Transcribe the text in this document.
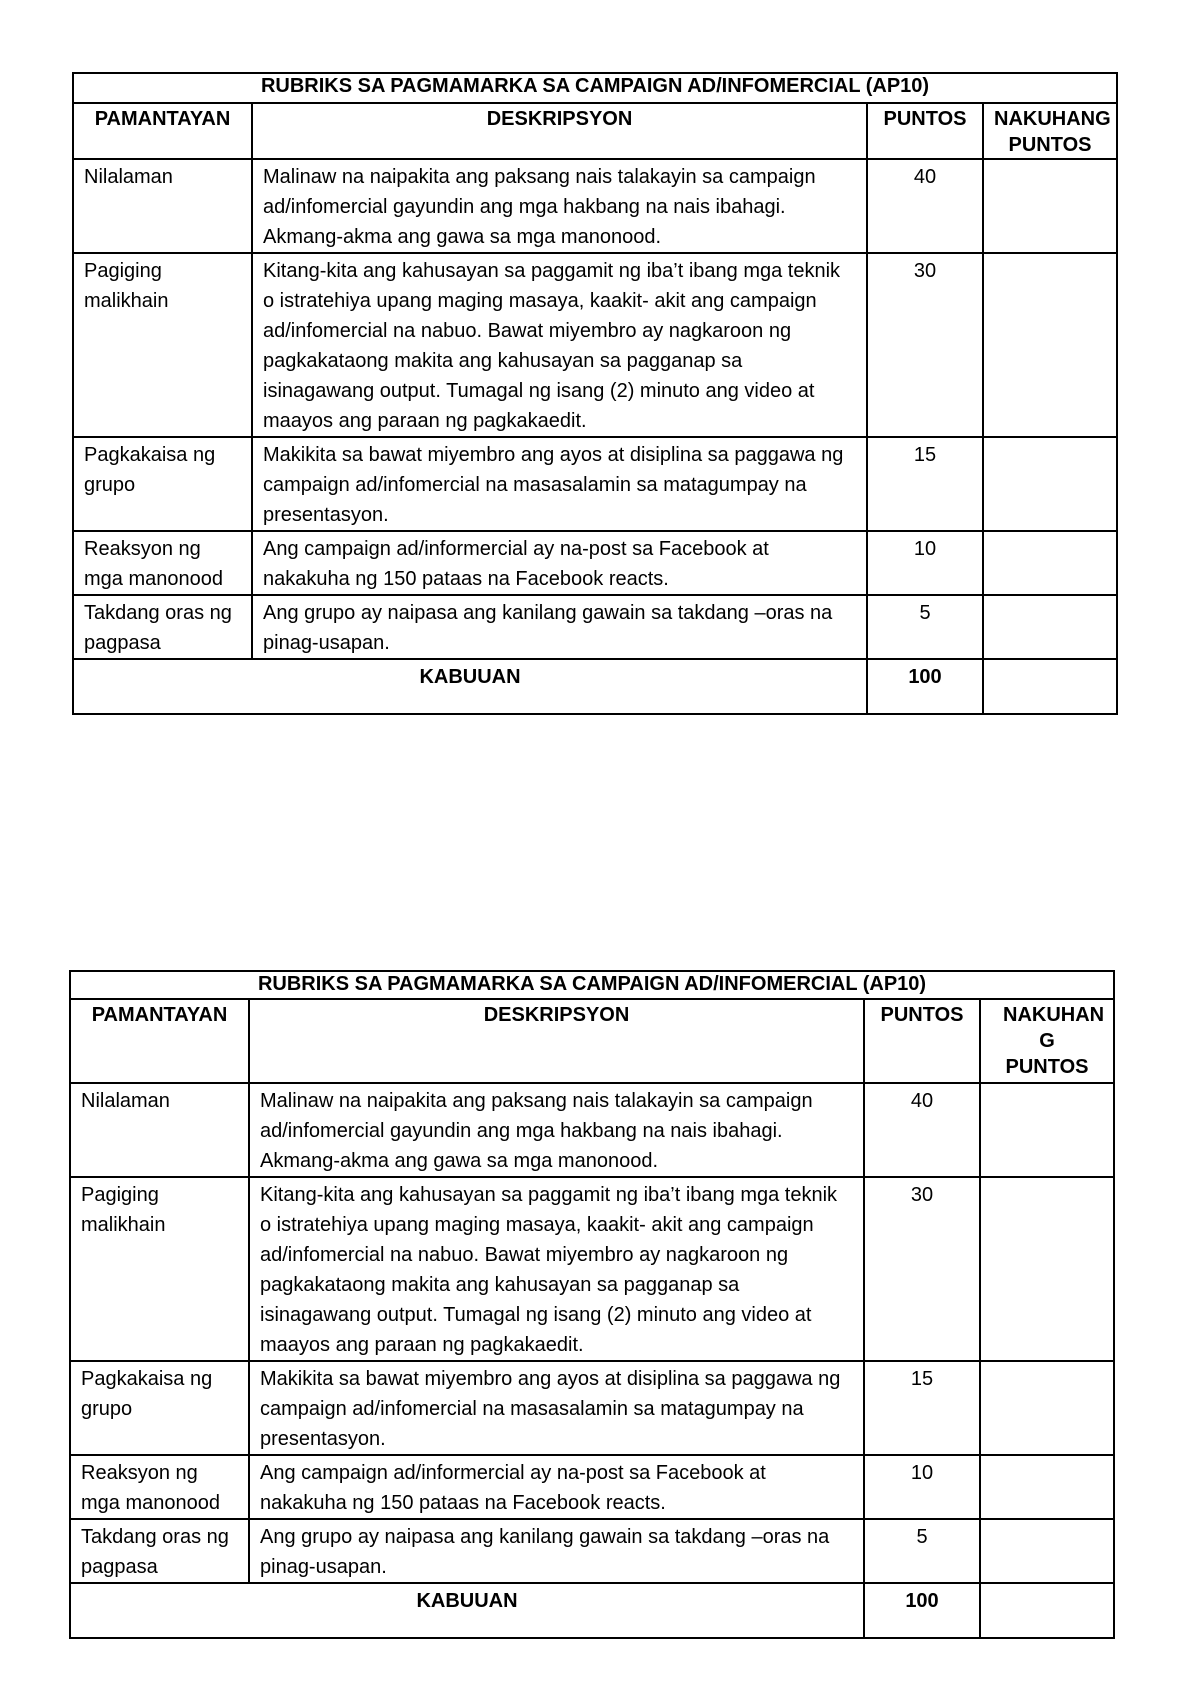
RUBRIKS SA PAGMAMARKA SA CAMPAIGN AD/INFOMERCIAL (AP10)			
PAMANTAYAN	DESKRIPSYON	PUNTOS	NAKUHANG PUNTOS
Nilalaman	Malinaw na naipakita ang paksang nais talakayin sa campaign ad/infomercial gayundin ang mga hakbang na nais ibahagi. Akmang-akma ang gawa sa mga manonood.	40	
Pagiging malikhain	Kitang-kita ang kahusayan sa paggamit ng iba’t ibang mga teknik o istratehiya upang maging masaya, kaakit- akit ang campaign ad/infomercial na nabuo. Bawat miyembro ay nagkaroon ng pagkakataong makita ang kahusayan sa pagganap sa isinagawang output. Tumagal ng isang (2) minuto ang video at maayos ang paraan ng pagkakaedit.	30	
Pagkakaisa ng grupo	Makikita sa bawat miyembro ang ayos at disiplina sa paggawa ng campaign ad/infomercial na masasalamin sa matagumpay na presentasyon.	15	
Reaksyon ng mga manonood	Ang campaign ad/informercial ay na-post sa Facebook at nakakuha ng 150 pataas na Facebook reacts.	10	
Takdang oras ng pagpasa	Ang grupo ay naipasa ang kanilang gawain sa takdang –oras na pinag-usapan.	5	
KABUUAN		100	
RUBRIKS SA PAGMAMARKA SA CAMPAIGN AD/INFOMERCIAL (AP10)			
PAMANTAYAN	DESKRIPSYON	PUNTOS	NAKUHAN G PUNTOS
Nilalaman	Malinaw na naipakita ang paksang nais talakayin sa campaign ad/infomercial gayundin ang mga hakbang na nais ibahagi. Akmang-akma ang gawa sa mga manonood.	40	
Pagiging malikhain	Kitang-kita ang kahusayan sa paggamit ng iba’t ibang mga teknik o istratehiya upang maging masaya, kaakit- akit ang campaign ad/infomercial na nabuo. Bawat miyembro ay nagkaroon ng pagkakataong makita ang kahusayan sa pagganap sa isinagawang output. Tumagal ng isang (2) minuto ang video at maayos ang paraan ng pagkakaedit.	30	
Pagkakaisa ng grupo	Makikita sa bawat miyembro ang ayos at disiplina sa paggawa ng campaign ad/infomercial na masasalamin sa matagumpay na presentasyon.	15	
Reaksyon ng mga manonood	Ang campaign ad/informercial ay na-post sa Facebook at nakakuha ng 150 pataas na Facebook reacts.	10	
Takdang oras ng pagpasa	Ang grupo ay naipasa ang kanilang gawain sa takdang –oras na pinag-usapan.	5	
KABUUAN		100	
